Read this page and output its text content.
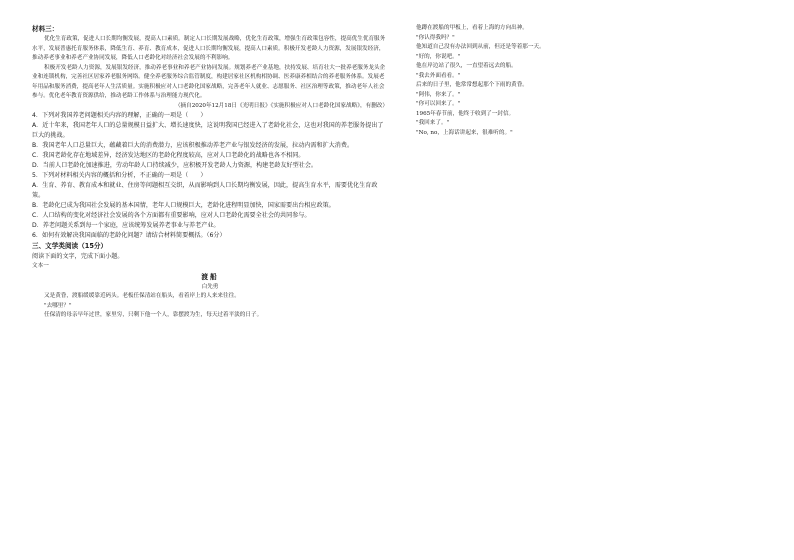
材料三：

优化生育政策，促进人口长期均衡发展，提高人口素质。制定人口长期发展战略，优化生育政策，增强生育政策包容性，提高优生优育服务水平，发展普惠托育服务体系，降低生育、养育、教育成本，促进人口长期均衡发展，提高人口素质。积极开发老龄人力资源，发展银发经济，推动养老事业和养老产业协同发展，降低人口老龄化对经济社会发展的不利影响。

积极开发老龄人力资源，发展银发经济，推动养老事业和养老产业协同发展。规划养老产业基地，扶持发展、培育壮大一批养老服务龙头企业和连锁机构，完善社区居家养老服务网络。健全养老服务综合监管制度，构建居家社区机构相协调、医养康养相结合的养老服务体系。发展老年用品和服务消费，提高老年人生活质量。实施积极应对人口老龄化国家战略，完善老年人就业、志愿服务、社区治理等政策，推动老年人社会参与。优化老年教育资源供给，推动老龄工作体系与治理能力现代化。

（摘自2020年12月18日《光明日报》《实施积极应对人口老龄化国家战略》，有删改）

4．下列对我国养老问题相关内容的理解，正确的一项是（　　）

A．近十年来，我国老年人口的总量规模日益扩大、增长速度快，这说明我国已经进入了老龄化社会，这也对我国的养老服务提出了巨大的挑战。

B．我国老年人口总量巨大，蕴藏着巨大的消费潜力，应该积极推动养老产业与银发经济的发展，拉动内需和扩大消费。

C．我国老龄化存在地域差异，经济发达地区的老龄化程度较高，应对人口老龄化的战略也各不相同。

D．当前人口老龄化加速推进，劳动年龄人口持续减少，应积极开发老龄人力资源，构建老龄友好型社会。

5．下列对材料相关内容的概括和分析，不正确的一项是（　　）

A．生育、养育、教育成本和就业、住房等问题相互交织，从而影响到人口长期均衡发展，因此，提高生育水平，需要优化生育政策。

B．老龄化已成为我国社会发展的基本国情，老年人口规模巨大，老龄化进程明显加快，国家需要出台相应政策。

C．人口结构的变化对经济社会发展的各个方面都有重要影响，应对人口老龄化需要全社会的共同参与。

D．养老问题关系到每一个家庭，应该统筹发展养老事业与养老产业。

6．如何有效解决我国面临的老龄化问题？请结合材料简要概括。（6分）

三、文学类阅读（15分）

阅读下面的文字，完成下面小题。

文本一

渡船

白先勇

又是黄昏，渡船缓缓靠近码头。老板任保清站在船头，看着岸上的人来来往往。

"去哪里？"

任保清的母亲早年过世，家里穷，只剩下他一个人，靠摆渡为生，每天过着平淡的日子。

他蹲在渡船的甲板上，看着上海的方向出神。

"你认得我吗？"

他知道自己没有办法回到从前，但还是等着那一天。

"好的，你说吧。"

他在岸边站了很久，一直望着远去的船。

"我去外面看看。"

后来的日子里，他常常想起那个下雨的黄昏。

"阿伟，你来了。"

"你可以回来了。"

1965年春节前，他终于收到了一封信。

"我回来了。"

"No, no，上海话讲起来，很难听的。"
